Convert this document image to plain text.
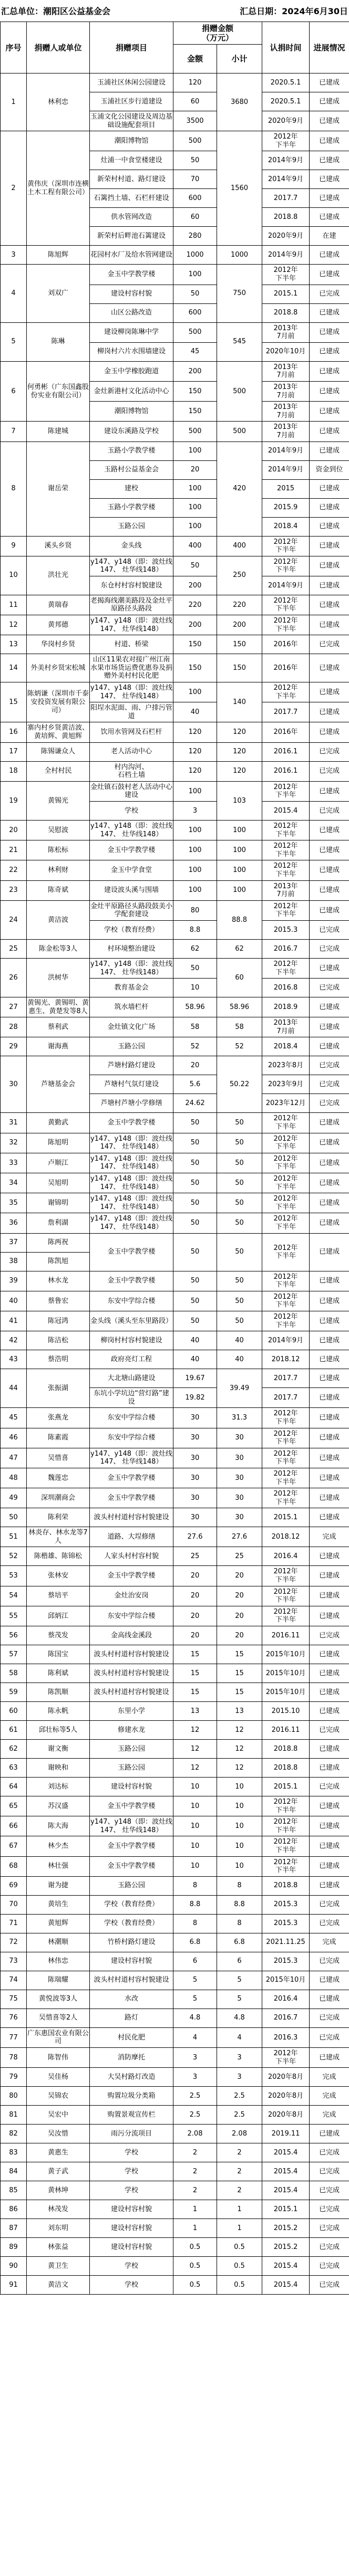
汇总单位：潮阳区公益基金会	汇总日期：2024年6月30日
序号	捐赠人或单位	捐赠项目	捐赠金额
（万元）		认捐时间	进展情况
			金额	小计		
1	林利忠	玉浦社区休闲公园建设	120	3680	2020.5.1	已建成
		玉浦社区步行道建设	60		2020.5.1	已建成
		玉浦文化公园建设及周边基础设施配套项目	3500		2020年9月	已建成
2	黄伟庆（深圳市连横土木工程有限公司）	潮阳博物馆	500	1560	2012年
下半年	已建成
		灶浦一中食堂楼建设	50		2014年9月	已建成
		新荣村村道、路灯建设	70		2014年9月	已建成
		石篱挡土墙、石栏杆建设	600		2017.7	已建成
		供水管网改造	60		2018.8	已建成
		新荣村后畔池石篱建设	280		2020年9月	在建
3	陈旭辉	花园村水厂及给水管网建设	1000	1000	2014年9月	已建成
4	刘双广	金玉中学教学楼	100	750	2012年
下半年	已建成
		建设村容村貌	50		2015.1	已完成
		山区公路改造	600		2018.8	已建成
5	陈琳	建设柳岗陈琳中学	500	545	2013年
7月前	已建成
		柳岗村六片水围墙建设	45		2020年10月	已建成
6	何勇彬（广东国鑫股份实业有限公司）	金玉中学橡胶跑道	200	500	2013年
7月前	已建成
		金灶新港村文化活动中心	150		2013年
7月前	已建成
		潮阳博物馆	150		2013年
7月前	已建成
7	陈建城	建设东溪路及学校	500	500	2013年
7月前	已建成
8	谢岳荣	玉路小学教学楼	100	420	2014年9月	已建成
		玉路村公益基金会	20		2014年9月	资金到位
		建校	100		2015	已建成
		玉路小学教学楼	100		2015.9	已建成
		玉路公园	100		2018.4	已建成
9	溪头乡贤	金头线	400	400	2012年
下半年	已建成
10	洪壮光	y147、y148（即：波灶线147、 灶华线148）	50	250	2012年
下半年	已建成
		东仓村村容村貌建设	200		2014年9月	已建成
11	黄瑞春	老揭海线潮美路段及金灶平原路径头路段	220	220	2012年
下半年	已建成
12	黄邦德	y147、y148（即：波灶线147、 灶华线148）	200	200	2012年
下半年	已建成
13	华岗村乡贤	村道、桥梁	150	150	2016年	已完成
14	外美村乡贤宋松城	山区11果农对接广州江南水果市场货运费优惠券及捐赠外美村村民化肥	150	150	2016年	已建成
15	陈炳谦（深圳市千泰安投资发展有限公司）	y147、y148（即：波灶线147、 灶华线148）	100	140	2012年
下半年	已建成
		阳埕水泥面、雨、户排污管道	40		2017.7	已建成
16	寨内村乡贤黄洁波、黄培辉、黄旭辉	饮用水管网及石栏杆	120	120	2016年	已建成
17	陈锡谦众人	老人活动中心	120	120	2016.1	已完成
18	全村村民	村内沟河、
石档土墙	120	120	2016.1	已完成
19	黄锡光	金灶镇石鼓村老人活动中心建设	100	103	2012年
下半年	已建成
		学校	3		2015.4	已完成
20	吴慰波	y147、y148（即：波灶线147、 灶华线148）	100	100	2012年
下半年	已建成
21	陈松标	金玉中学教学楼	100	100	2012年
下半年	已建成
22	林利财	金玉中学食堂	100	100	2012年
下半年	已建成
23	陈奇斌	建设波头溪与围墙	100	100	2013年
7月前	已建成
24	黄洁波	金灶平原路径头路段鼓美小学配套建设	80	88.8	2012年
下半年	已建成
		学校（教育经费）	8.8		2015.3	已完成
25	陈金松等3人	村环境整治建设	62	62	2016.7	已完成
26	洪树华	y147、y148（即：波灶线147、 灶华线148）	50	60	2012年
下半年	已建成
		教育基金会	10		2016.8	已完成
27	黄锡光、黄锡明、黄惠生、黄楚发等8人	筑水墙栏杆	58.96	58.96	2018.9	已建成
28	蔡利武	金灶镇文化广场	58	58	2013年
7月前	已建成
29	谢海燕	玉路公园	52	52	2018.4	已建成
30	芦塘基金会	芦塘村路灯建设	20	50.22	2023年8月	已完成
		芦塘村气氛灯建设	5.6		2023年9月	已完成
		芦塘村芦塘小学修缮	24.62		2023年12月	已完成
31	黄勤武	金玉中学教学楼	50	50	2012年
下半年	已建成
32	陈旭明	y147、y148（即：波灶线147、 灶华线148）	50	50	2012年
下半年	已建成
33	卢顺江	y147、y148（即：波灶线147、 灶华线148）	50	50	2012年
下半年	已建成
34	吴旭明	y147、y148（即：波灶线147、 灶华线148）	50	50	2012年
下半年	已建成
35	谢锦明	y147、y148（即：波灶线147、 灶华线148）	50	50	2012年
下半年	已建成
36	詹利湖	y147、y148（即：波灶线147、 灶华线148）	50	50	2012年
下半年	已建成
37	陈两祝	金玉中学教学楼	50	50	2012年
下半年	已建成
38	陈凯旭					
39	林水龙	金玉中学教学楼	50	50	2012年
下半年	已建成
40	蔡鲁宏	东安中学综合楼	50	50	2012年
下半年	已建成
41	陈冠鸿	金头线（溪头至东里路段）	50	50	2012年
下半年	已建成
42	陈洁松	柳岗村村容村貌建设	40	40	2014年9月	已建成
43	蔡浩明	政府亮灯工程	40	40	2018.12	已建成
44	张振湖	大北塘山路建设	19.67	39.49	2017.7	已建成
		东坑小学坑边“营灯路”建设	19.82		2017.7	已建成
45	张燕龙	东安中学综合楼	30	31.3	2012年
下半年	已建成
46	陈素霞	东安中学综合楼	30	30	2012年
下半年	已建成
47	吴惜喜	y147、y148（即：波灶线147、 灶华线148）	30	30	2012年
下半年	已建成
48	魏莲忠	金玉中学教学楼	30	30	2012年
下半年	已建成
49	深圳潮商会	金玉中学教学楼	30	30	2012年
下半年	已建成
50	陈利荣	波头村村道村容村貌建设	30	30	2015.1	已建成
51	林炎存、林水龙等7人	道路、大埕修缮	27.6	27.6	2018.12	完成
52	陈楷雄、陈锦松	人家头村村容村貌	25	25	2016.4	已建成
53	张林安	金玉中学教学楼	20	20	2012年
下半年	已建成
54	蔡培平	金灶治安岗	20	20	2012年
下半年	已建成
55	邱炳江	东安中学综合楼	20	20	2012年
下半年	已建成
56	蔡茂发	金高线金溪段	20	20	2016.11	已完成
57	陈国宝	波头村村道村容村貌建设	15	15	2015年10月	已建成
58	陈利斌	波头村村道村容村貌建设	15	15	2015年10月	已建成
59	陈凯顺	波头村村道村容村貌建设	15	15	2015年10月	已建成
60	陈永帆	东里小学	13	13	2015.10	已建成
61	邱壮标等5人	修建水龙	12	12	2016.11	已完成
62	谢文衡	玉路公园	12	12	2018.8	已建成
63	谢映和	玉路公园	12	12	2018.8	已建成
64	刘达标	建设村容村貌	10	10	2015.1	已完成
65	苏汉盛	金玉中学教学楼	10	10	2012年
下半年	已建成
66	陈大海	y147、y148（即：波灶线147、 灶华线148）	10	10	2012年
下半年	已建成
67	林少杰	金玉中学教学楼	10	10	2012年
下半年	已建成
68	林壮强	金玉中学教学楼	10	10	2012年
下半年	已建成
69	谢为捷	玉路公园	8	8	2018.8	已建成
70	黄培生	学校（教育经费）	8.8	8.8	2015.3	已完成
71	黄旭辉	学校（教育经费）	8	8	2015.3	已完成
72	林潮顺	竹桥村路灯建设	6.8	6.8	2021.11.25	完成
73	林伟忠	建设村容村貌	6	6	2015.3	已完成
74	陈瑞耀	波头村村道村容村貌建设	5	5	2015年10月	已建成
75	黄悦波等3人	水改	5	5	2016.4	已建成
76	吴惜喜等2人	路灯	4.8	4.8	2016.7	已完成
77	广东惠国农业有限公司	村民化肥	4	4	2016.3	已完成
78	陈智伟	消防摩托	3	3	2012年
下半年	已建成
79	吴佳杨	大吴村路灯改造	3	3	2020年8月	完成
80	吴锦农	购置垃圾分类箱	2.5	2.5	2020年8月	完成
81	吴宏中	购置景观宣传栏	2.5	2.5	2020年8月	完成
82	吴汝惜	雨污分流项目	2.08	2.08	2019.11	已建成
83	黄惠生	学校	2	2	2015.4	已完成
84	黄子武	学校	2	2	2015.4	已完成
85	黄林坤	学校	2	2	2015.4	已完成
86	林茂发	建设村容村貌	1	1	2015.1	已完成
87	刘东明	建设村容村貌	1	1	2015.2	已完成
89	林张益	建设村容村貌	0.5	0.5	2015.2	已完成
90	黄卫生	学校	0.5	0.5	2015.4	已完成
91	黄洁文	学校	0.5	0.5	2015.4	已完成
